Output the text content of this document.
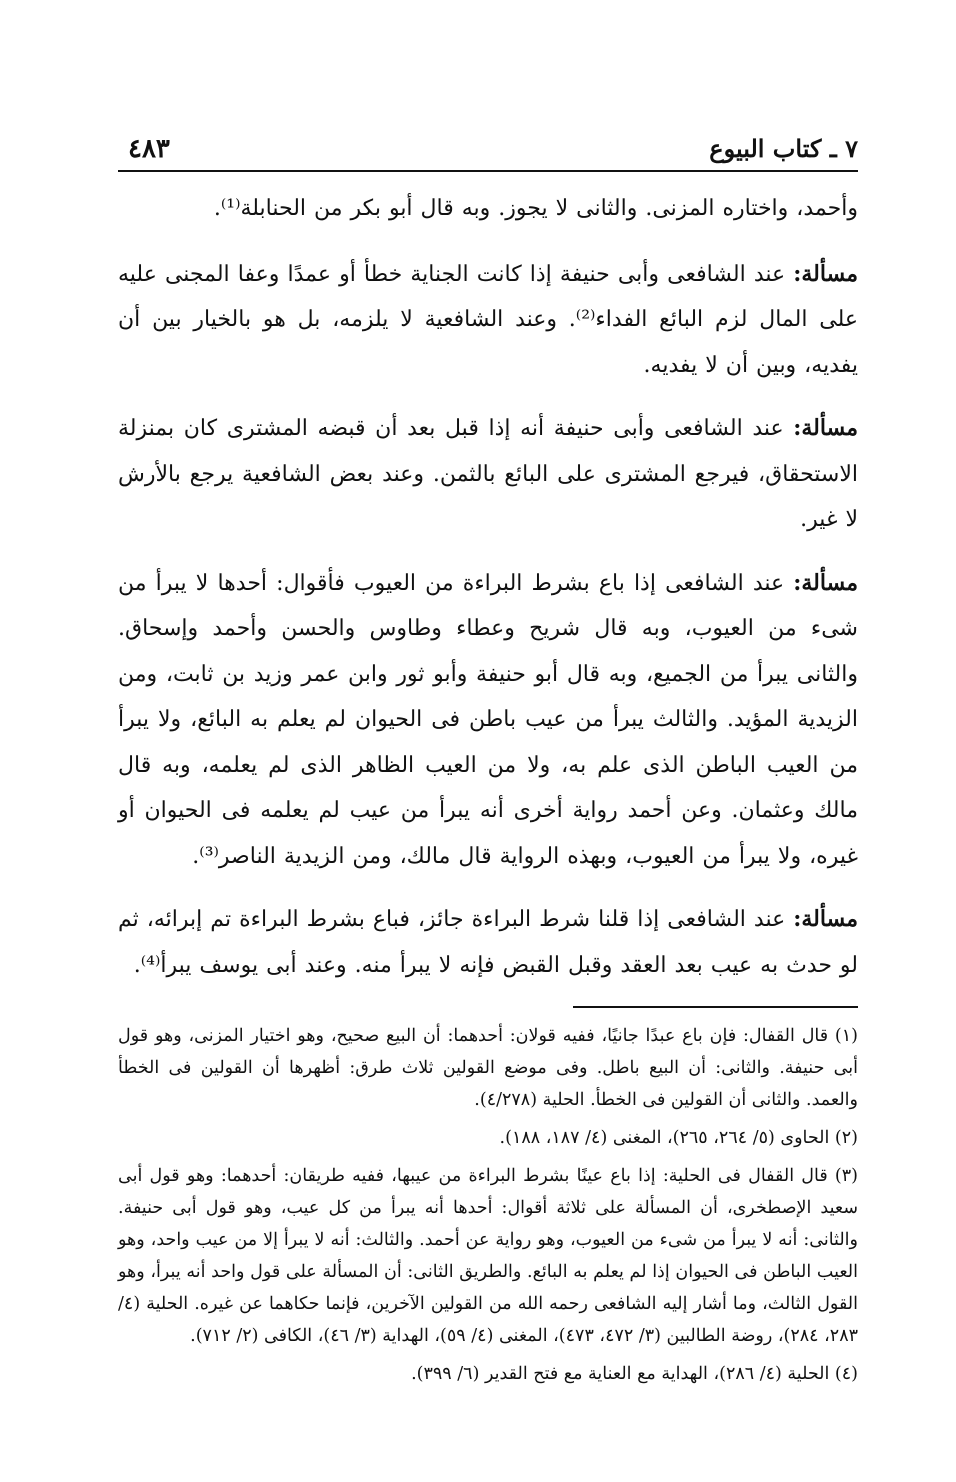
٧ ـ كتاب البيوع
٤٨٣

وأحمد، واختاره المزنى. والثانى لا يجوز. وبه قال أبو بكر من الحنابلة⁽¹⁾.

مسألة: عند الشافعى وأبى حنيفة إذا كانت الجناية خطأ أو عمدًا وعفا المجنى عليه على المال لزم البائع الفداء⁽²⁾. وعند الشافعية لا يلزمه، بل هو بالخيار بين أن يفديه، وبين أن لا يفديه.

مسألة: عند الشافعى وأبى حنيفة أنه إذا قبل بعد أن قبضه المشترى كان بمنزلة الاستحقاق، فيرجع المشترى على البائع بالثمن. وعند بعض الشافعية يرجع بالأرش لا غير.

مسألة: عند الشافعى إذا باع بشرط البراءة من العيوب فأقوال: أحدها لا يبرأ من شىء من العيوب، وبه قال شريح وعطاء وطاوس والحسن وأحمد وإسحاق. والثانى يبرأ من الجميع، وبه قال أبو حنيفة وأبو ثور وابن عمر وزيد بن ثابت، ومن الزيدية المؤيد. والثالث يبرأ من عيب باطن فى الحيوان لم يعلم به البائع، ولا يبرأ من العيب الباطن الذى علم به، ولا من العيب الظاهر الذى لم يعلمه، وبه قال مالك وعثمان. وعن أحمد رواية أخرى أنه يبرأ من عيب لم يعلمه فى الحيوان أو غيره، ولا يبرأ من العيوب، وبهذه الرواية قال مالك، ومن الزيدية الناصر⁽³⁾.

مسألة: عند الشافعى إذا قلنا شرط البراءة جائز، فباع بشرط البراءة تم إبرائه، ثم لو حدث به عيب بعد العقد وقبل القبض فإنه لا يبرأ منه. وعند أبى يوسف يبرأ⁽⁴⁾.

(١) قال القفال: فإن باع عبدًا جانيًا، ففيه قولان: أحدهما: أن البيع صحيح، وهو اختيار المزنى، وهو قول أبى حنيفة. والثانى: أن البيع باطل. وفى موضع القولين ثلاث طرق: أظهرها أن القولين فى الخطأ والعمد. والثانى أن القولين فى الخطأ. الحلية (٤/٢٧٨).
(٢) الحاوى (٥/ ٢٦٤، ٢٦٥)، المغنى (٤/ ١٨٧، ١٨٨).
(٣) قال القفال فى الحلية: إذا باع عينًا بشرط البراءة من عيبها، ففيه طريقان: أحدهما: وهو قول أبى سعيد الإصطخرى، أن المسألة على ثلاثة أقوال: أحدها أنه يبرأ من كل عيب، وهو قول أبى حنيفة. والثانى: أنه لا يبرأ من شىء من العيوب، وهو رواية عن أحمد. والثالث: أنه لا يبرأ إلا من عيب واحد، وهو العيب الباطن فى الحيوان إذا لم يعلم به البائع. والطريق الثانى: أن المسألة على قول واحد أنه يبرأ، وهو القول الثالث، وما أشار إليه الشافعى رحمه الله من القولين الآخرين، فإنما حكاهما عن غيره. الحلية (٤/ ٢٨٣، ٢٨٤)، روضة الطالبين (٣/ ٤٧٢، ٤٧٣)، المغنى (٤/ ٥٩)، الهداية (٣/ ٤٦)، الكافى (٢/ ٧١٢).
(٤) الحلية (٤/ ٢٨٦)، الهداية مع العناية مع فتح القدير (٦/ ٣٩٩).
